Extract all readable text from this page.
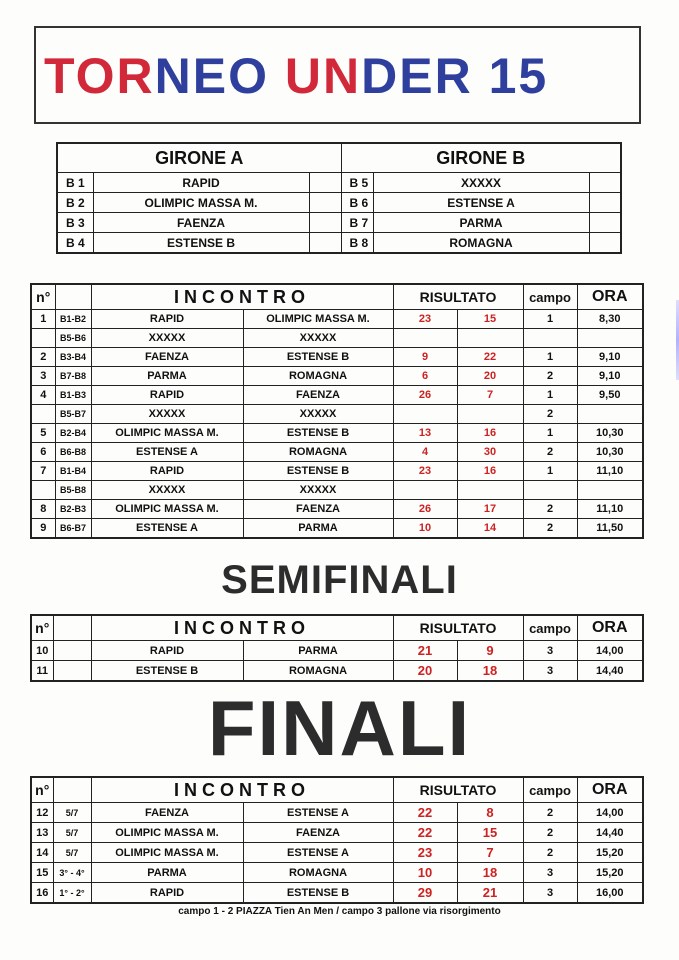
TORNEO UNDER 15
GIRONE A			GIRONE B		
B 1	RAPID		B 5	XXXXX	
B 2	OLIMPIC MASSA M.		B 6	ESTENSE A	
B 3	FAENZA		B 7	PARMA	
B 4	ESTENSE B		B 8	ROMAGNA	
n°		INCONTRO		RISULTATO		campo	ORA
1	B1-B2	RAPID	OLIMPIC MASSA M.	23	15	1	8,30
	B5-B6	XXXXX	XXXXX				
2	B3-B4	FAENZA	ESTENSE B	9	22	1	9,10
3	B7-B8	PARMA	ROMAGNA	6	20	2	9,10
4	B1-B3	RAPID	FAENZA	26	7	1	9,50
	B5-B7	XXXXX	XXXXX			2	
5	B2-B4	OLIMPIC MASSA M.	ESTENSE B	13	16	1	10,30
6	B6-B8	ESTENSE A	ROMAGNA	4	30	2	10,30
7	B1-B4	RAPID	ESTENSE B	23	16	1	11,10
	B5-B8	XXXXX	XXXXX				
8	B2-B3	OLIMPIC MASSA M.	FAENZA	26	17	2	11,10
9	B6-B7	ESTENSE A	PARMA	10	14	2	11,50
SEMIFINALI
n°		INCONTRO		RISULTATO		campo	ORA
10		RAPID	PARMA	21	9	3	14,00
11		ESTENSE B	ROMAGNA	20	18	3	14,40
FINALI
n°		INCONTRO		RISULTATO		campo	ORA
12	5/7	FAENZA	ESTENSE A	22	8	2	14,00
13	5/7	OLIMPIC MASSA M.	FAENZA	22	15	2	14,40
14	5/7	OLIMPIC MASSA M.	ESTENSE A	23	7	2	15,20
15	3° - 4°	PARMA	ROMAGNA	10	18	3	15,20
16	1° - 2°	RAPID	ESTENSE B	29	21	3	16,00
campo 1 - 2 PIAZZA Tien An Men / campo 3 pallone via risorgimento
